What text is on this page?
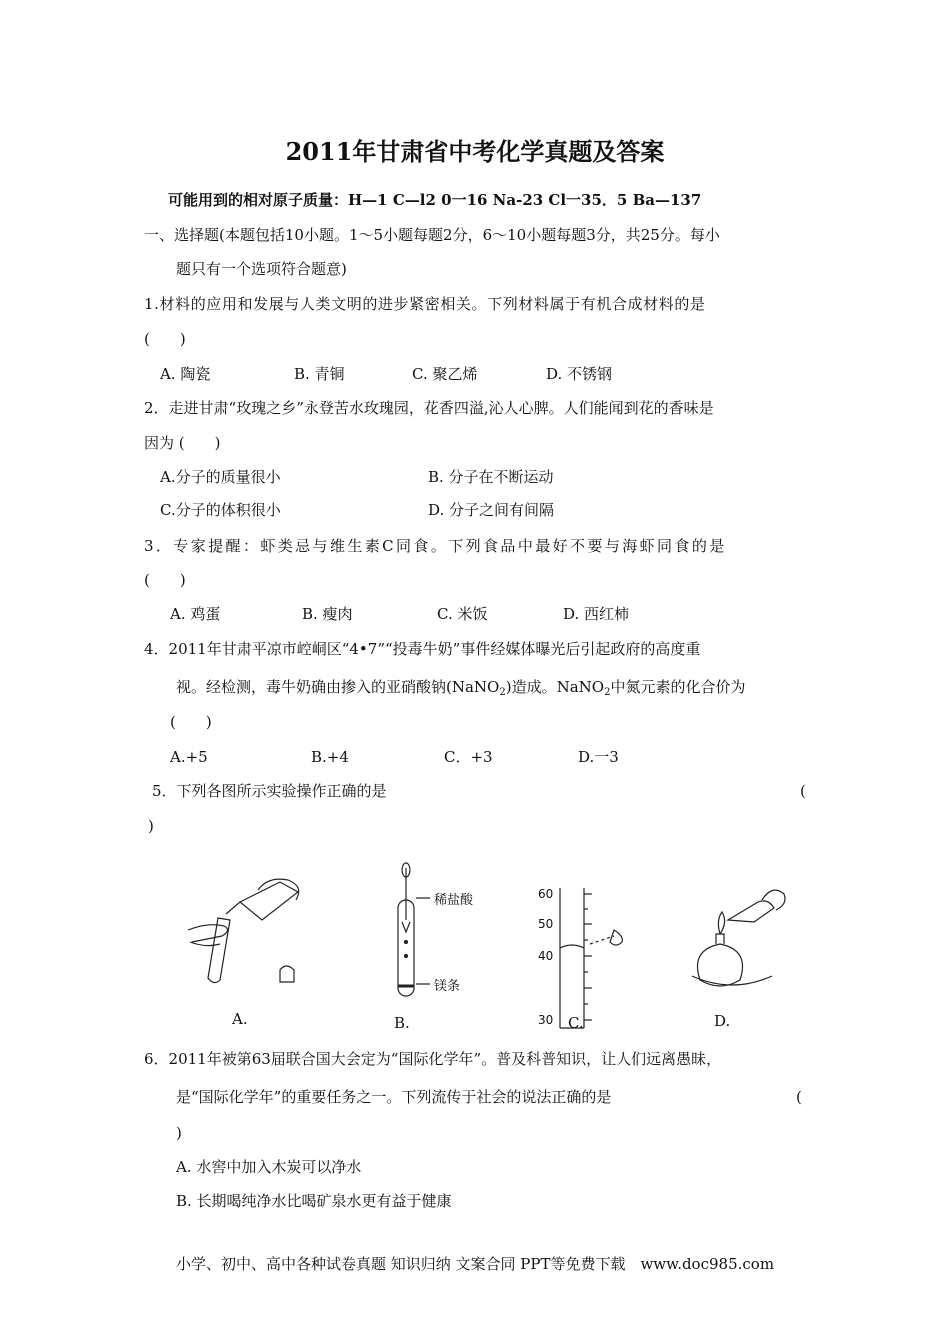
2011年甘肃省中考化学真题及答案
可能用到的相对原子质量：H—1 C—l2 0一16 Na-23 Cl一35．5 Ba—137
一、选择题(本题包括10小题。1～5小题每题2分，6～10小题每题3分，共25分。每小
题只有一个选项符合题意)
1.材料的应用和发展与人类文明的进步紧密相关。下列材料属于有机合成材料的是
(　　)
A. 陶瓷	B. 青铜	C. 聚乙烯	D. 不锈钢
2．走进甘肃“玫瑰之乡”永登苦水玫瑰园，花香四溢,沁人心脾。人们能闻到花的香味是
因为 (　　)
A.分子的质量很小	B. 分子在不断运动
C.分子的体积很小	D. 分子之间有间隔
3．专家提醒：虾类忌与维生素C同食。下列食品中最好不要与海虾同食的是
(　　)
A. 鸡蛋	B. 瘦肉	C. 米饭	D. 西红柿
4．2011年甘肃平凉市崆峒区“4•7”“投毒牛奶”事件经媒体曝光后引起政府的高度重
视。经检测，毒牛奶确由掺入的亚硝酸钠(NaNO$_2$)造成。NaNO$_2$中氮元素的化合价为
(　　)
A.+5	B.+4	C．+3	D.一3
5．下列各图所示实验操作正确的是	(
)
稀盐酸
镁条
60
50
40
30
A.	B.	C.	D.
6．2011年被第63届联合国大会定为“国际化学年”。普及科普知识，让人们远离愚昧，
是“国际化学年”的重要任务之一。下列流传于社会的说法正确的是	(
)
A. 水窖中加入木炭可以净水
B. 长期喝纯净水比喝矿泉水更有益于健康
小学、初中、高中各种试卷真题 知识归纳 文案合同 PPT等免费下载　www.doc985.com
